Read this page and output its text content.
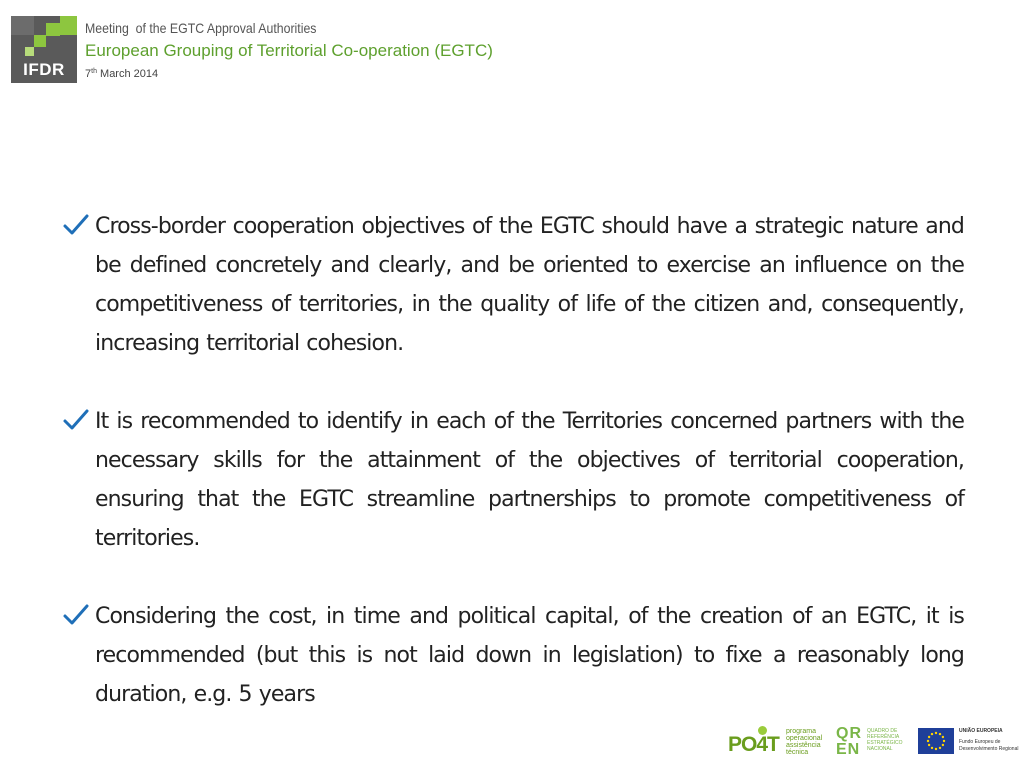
IFDR
Meeting  of the EGTC Approval Authorities
European Grouping of Territorial Co-operation (EGTC)
7th March 2014
Cross-border cooperation objectives of the EGTC should have a strategic nature and be defined concretely and clearly, and be oriented to exercise an influence on the competitiveness of territories, in the quality of life of the citizen and, consequently, increasing territorial cohesion.
It is recommended to identify in each of the Territories concerned partners with the necessary skills for the attainment of the objectives of territorial cooperation, ensuring that the EGTC streamline partnerships to promote competitiveness of territories.
Considering the cost, in time and political capital, of the creation of an EGTC, it is recommended (but this is not laid down in legislation) to fixe a reasonably long duration, e.g. 5 years
PO4T
programa operacional assistência técnica
QR EN
QUADRO DE REFERÊNCIA ESTRATÉGICO NACIONAL
UNIÃO EUROPEIA
Fundo Europeu de Desenvolvimento Regional
